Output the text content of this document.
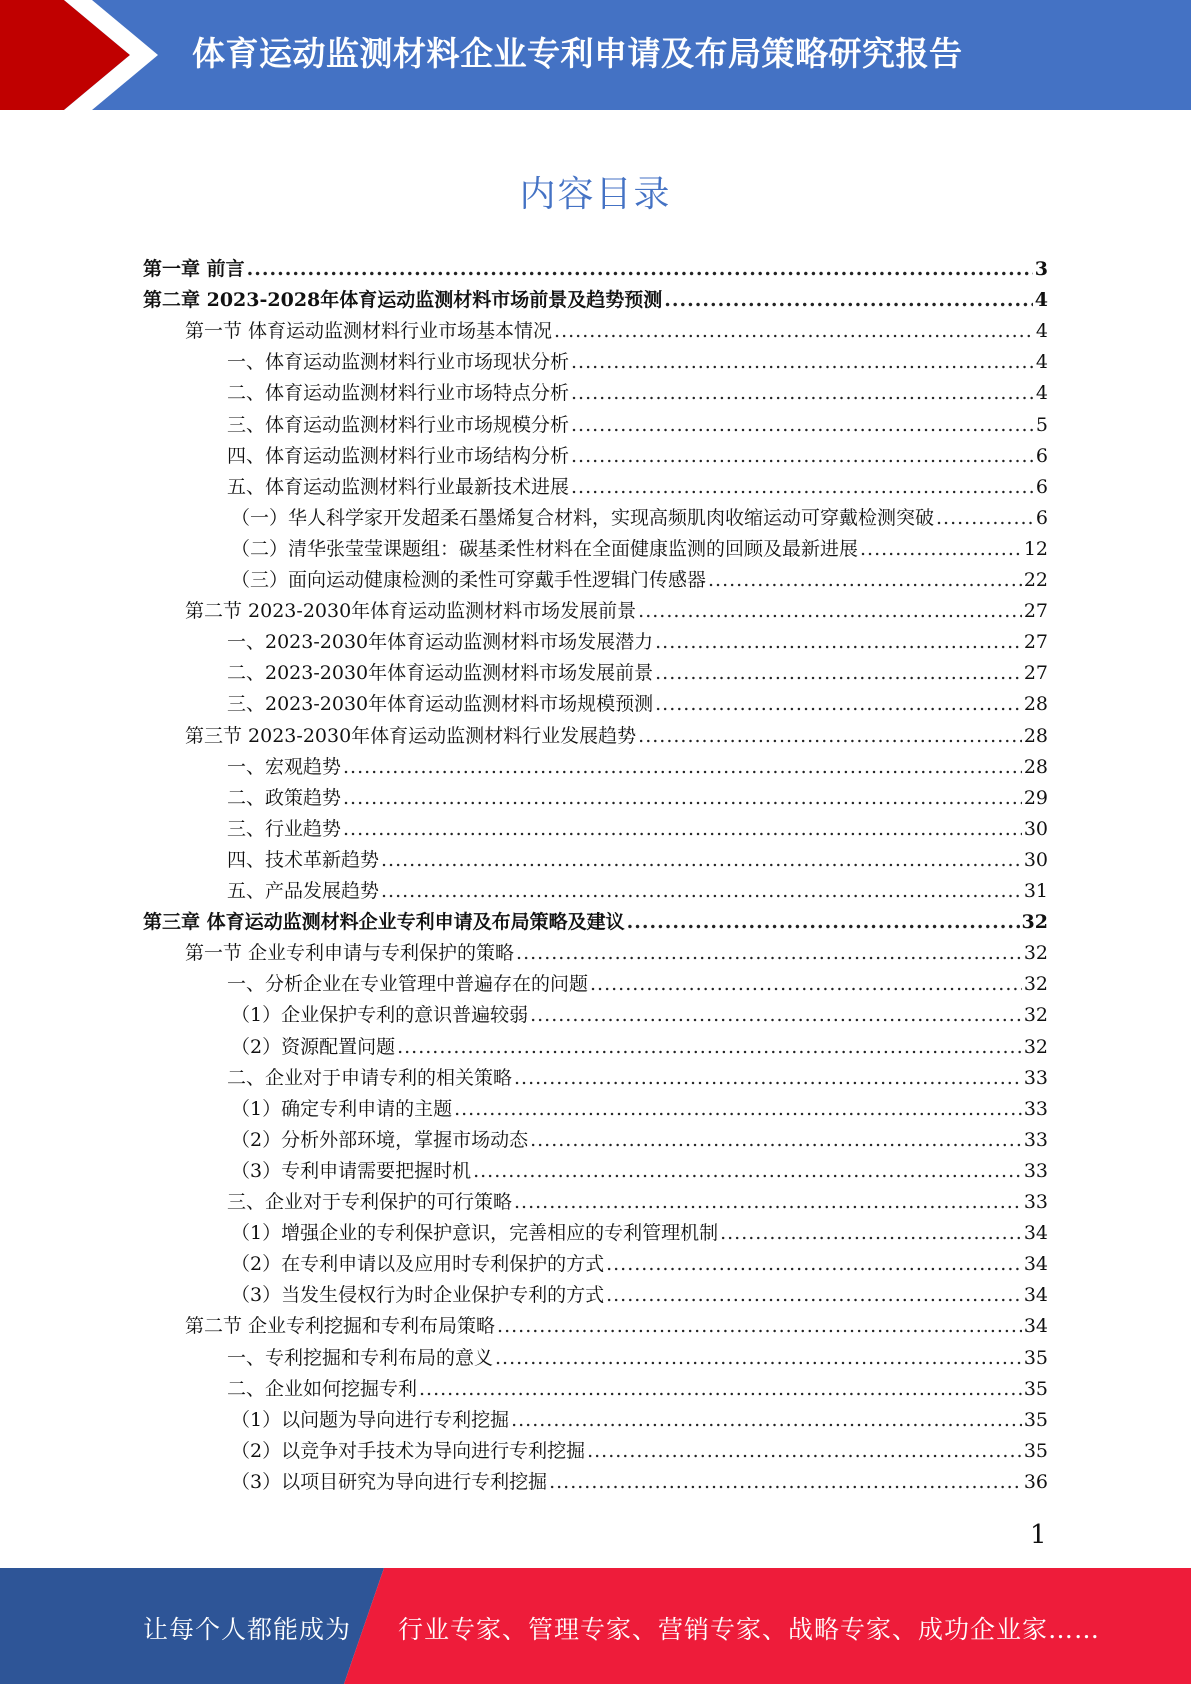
体育运动监测材料企业专利申请及布局策略研究报告
内容目录
第一章 前言 .....	3
第二章 2023-2028年体育运动监测材料市场前景及趋势预测 .....	4
第一节 体育运动监测材料行业市场基本情况 .....	4
一、体育运动监测材料行业市场现状分析 .....	4
二、体育运动监测材料行业市场特点分析 .....	4
三、体育运动监测材料行业市场规模分析 .....	5
四、体育运动监测材料行业市场结构分析 .....	6
五、体育运动监测材料行业最新技术进展 .....	6
（一）华人科学家开发超柔石墨烯复合材料，实现高频肌肉收缩运动可穿戴检测突破 .....	6
（二）清华张莹莹课题组：碳基柔性材料在全面健康监测的回顾及最新进展 .....	12
（三）面向运动健康检测的柔性可穿戴手性逻辑门传感器 .....	22
第二节 2023-2030年体育运动监测材料市场发展前景 .....	27
一、2023-2030年体育运动监测材料市场发展潜力 .....	27
二、2023-2030年体育运动监测材料市场发展前景 .....	27
三、2023-2030年体育运动监测材料市场规模预测 .....	28
第三节 2023-2030年体育运动监测材料行业发展趋势 .....	28
一、宏观趋势 .....	28
二、政策趋势 .....	29
三、行业趋势 .....	30
四、技术革新趋势 .....	30
五、产品发展趋势 .....	31
第三章 体育运动监测材料企业专利申请及布局策略及建议 .....	32
第一节 企业专利申请与专利保护的策略 .....	32
一、分析企业在专业管理中普遍存在的问题 .....	32
（1）企业保护专利的意识普遍较弱 .....	32
（2）资源配置问题 .....	32
二、企业对于申请专利的相关策略 .....	33
（1）确定专利申请的主题 .....	33
（2）分析外部环境，掌握市场动态 .....	33
（3）专利申请需要把握时机 .....	33
三、企业对于专利保护的可行策略 .....	33
（1）增强企业的专利保护意识，完善相应的专利管理机制 .....	34
（2）在专利申请以及应用时专利保护的方式 .....	34
（3）当发生侵权行为时企业保护专利的方式 .....	34
第二节 企业专利挖掘和专利布局策略 .....	34
一、专利挖掘和专利布局的意义 .....	35
二、企业如何挖掘专利 .....	35
（1）以问题为导向进行专利挖掘 .....	35
（2）以竞争对手技术为导向进行专利挖掘 .....	35
（3）以项目研究为导向进行专利挖掘 .....	36
1
让每个人都能成为 行业专家、管理专家、营销专家、战略专家、成功企业家……
